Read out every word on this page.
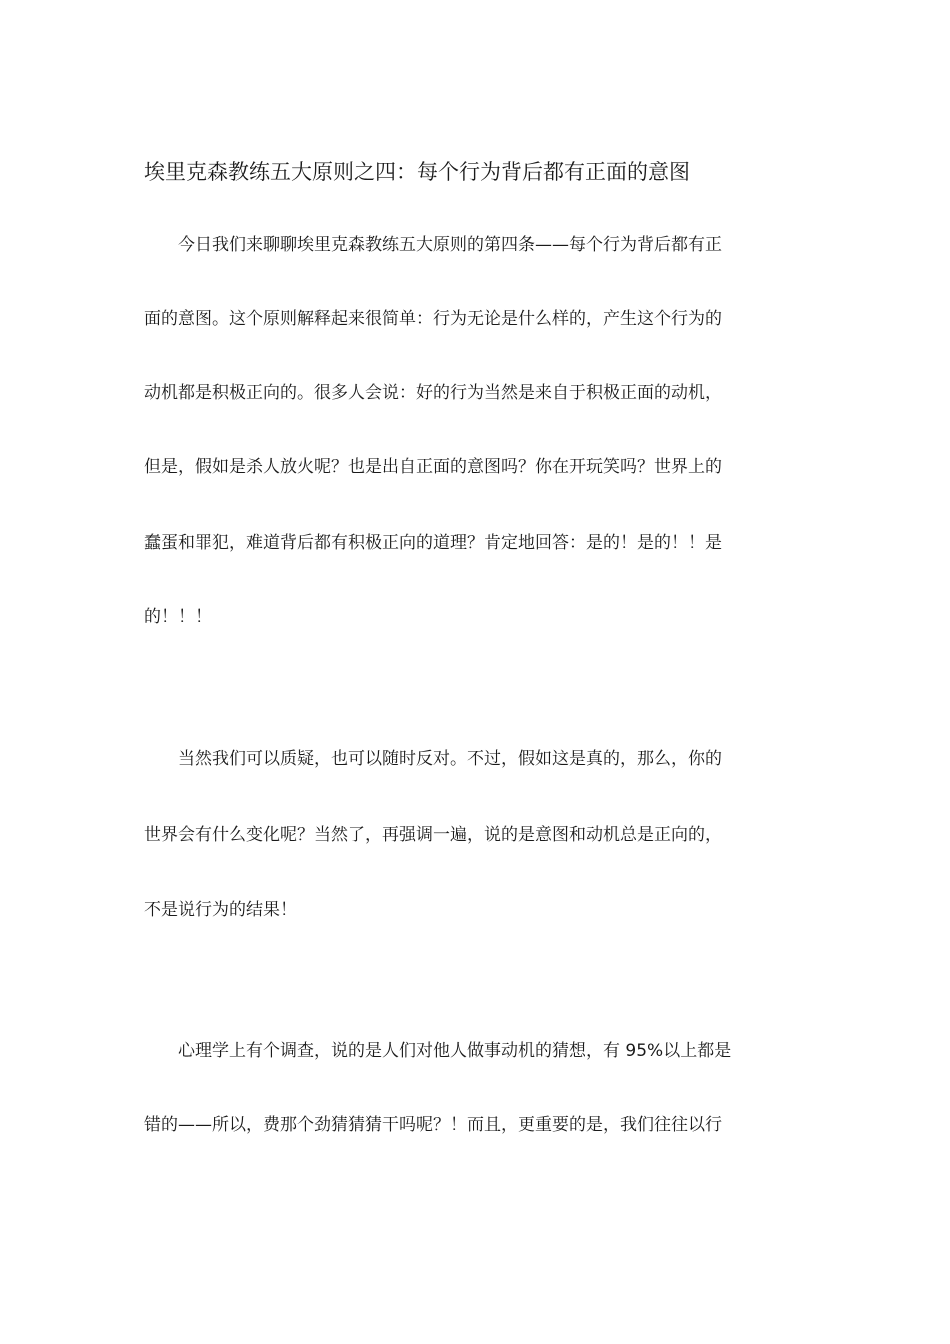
埃里克森教练五大原则之四：每个行为背后都有正面的意图

今日我们来聊聊埃里克森教练五大原则的第四条——每个行为背后都有正

面的意图。这个原则解释起来很简单：行为无论是什么样的，产生这个行为的

动机都是积极正向的。很多人会说：好的行为当然是来自于积极正面的动机，

但是，假如是杀人放火呢？也是出自正面的意图吗？你在开玩笑吗？世界上的

蠢蛋和罪犯，难道背后都有积极正向的道理？肯定地回答：是的！是的！！是

的！！！

当然我们可以质疑，也可以随时反对。不过，假如这是真的，那么，你的

世界会有什么变化呢？当然了，再强调一遍，说的是意图和动机总是正向的，

不是说行为的结果！

心理学上有个调查，说的是人们对他人做事动机的猜想，有 95%以上都是

错的——所以，费那个劲猜猜猜干吗呢？！而且，更重要的是，我们往往以行
